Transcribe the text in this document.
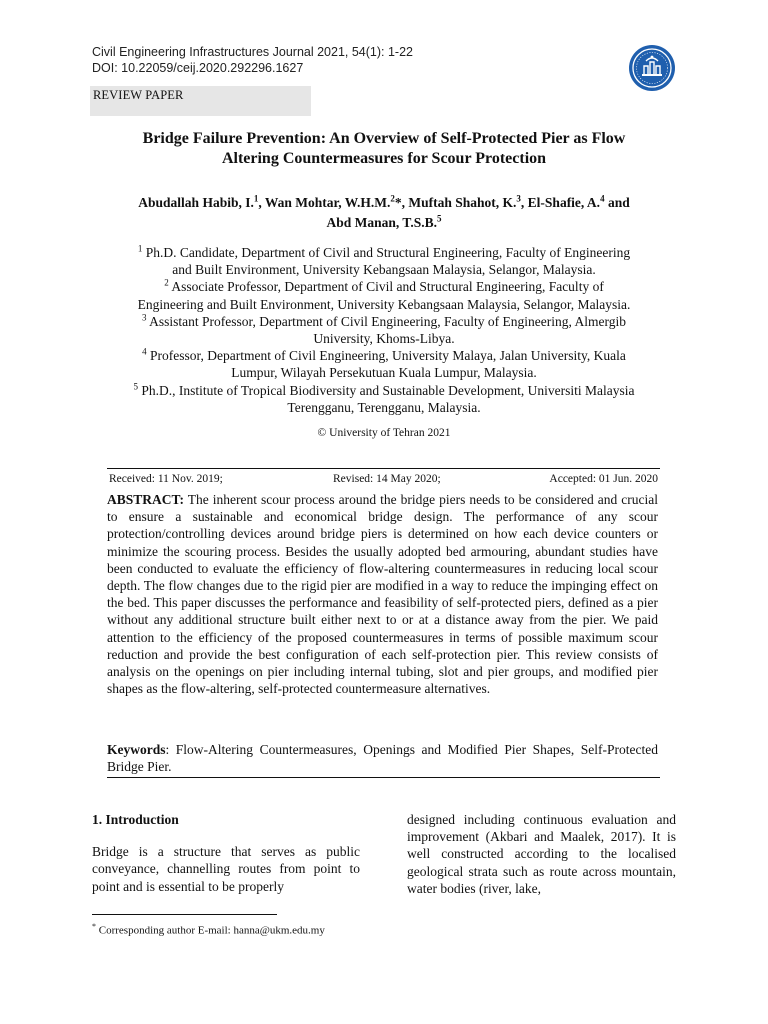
Civil Engineering Infrastructures Journal 2021, 54(1): 1-22
DOI: 10.22059/ceij.2020.292296.1627
REVIEW PAPER
Bridge Failure Prevention: An Overview of Self-Protected Pier as Flow
Altering Countermeasures for Scour Protection
Abudallah Habib, I.$^1$, Wan Mohtar, W.H.M.$^2$*, Muftah Shahot, K.$^3$, El-Shafie, A.$^4$ and
Abd Manan, T.S.B.$^5$

$^1$ Ph.D. Candidate, Department of Civil and Structural Engineering, Faculty of Engineering
and Built Environment, University Kebangsaan Malaysia, Selangor, Malaysia.

$^2$ Associate Professor, Department of Civil and Structural Engineering, Faculty of
Engineering and Built Environment, University Kebangsaan Malaysia, Selangor, Malaysia.

$^3$ Assistant Professor, Department of Civil Engineering, Faculty of Engineering, Almergib
University, Khoms-Libya.

$^4$ Professor, Department of Civil Engineering, University Malaya, Jalan University, Kuala
Lumpur, Wilayah Persekutuan Kuala Lumpur, Malaysia.

$^5$ Ph.D., Institute of Tropical Biodiversity and Sustainable Development, Universiti Malaysia
Terengganu, Terengganu, Malaysia.

© University of Tehran 2021
Received: 11 Nov. 2019;	Revised: 14 May 2020;	Accepted: 01 Jun. 2020
ABSTRACT: The inherent scour process around the bridge piers needs to be considered and crucial to ensure a sustainable and economical bridge design. The performance of any scour protection/controlling devices around bridge piers is determined on how each device counters or minimize the scouring process. Besides the usually adopted bed armouring, abundant studies have been conducted to evaluate the efficiency of flow-altering countermeasures in reducing local scour depth. The flow changes due to the rigid pier are modified in a way to reduce the impinging effect on the bed. This paper discusses the performance and feasibility of self-protected piers, defined as a pier without any additional structure built either next to or at a distance away from the pier. We paid attention to the efficiency of the proposed countermeasures in terms of possible maximum scour reduction and provide the best configuration of each self-protection pier. This review consists of analysis on the openings on pier including internal tubing, slot and pier groups, and modified pier shapes as the flow-altering, self-protected countermeasure alternatives.
Keywords: Flow-Altering Countermeasures, Openings and Modified Pier Shapes, Self-Protected Bridge Pier.
1. Introduction

Bridge is a structure that serves as public conveyance, channelling routes from point to point and is essential to be properly

designed including continuous evaluation and improvement (Akbari and Maalek, 2017). It is well constructed according to the localised geological strata such as route across mountain, water bodies (river, lake,

* Corresponding author E-mail: hanna@ukm.edu.my
